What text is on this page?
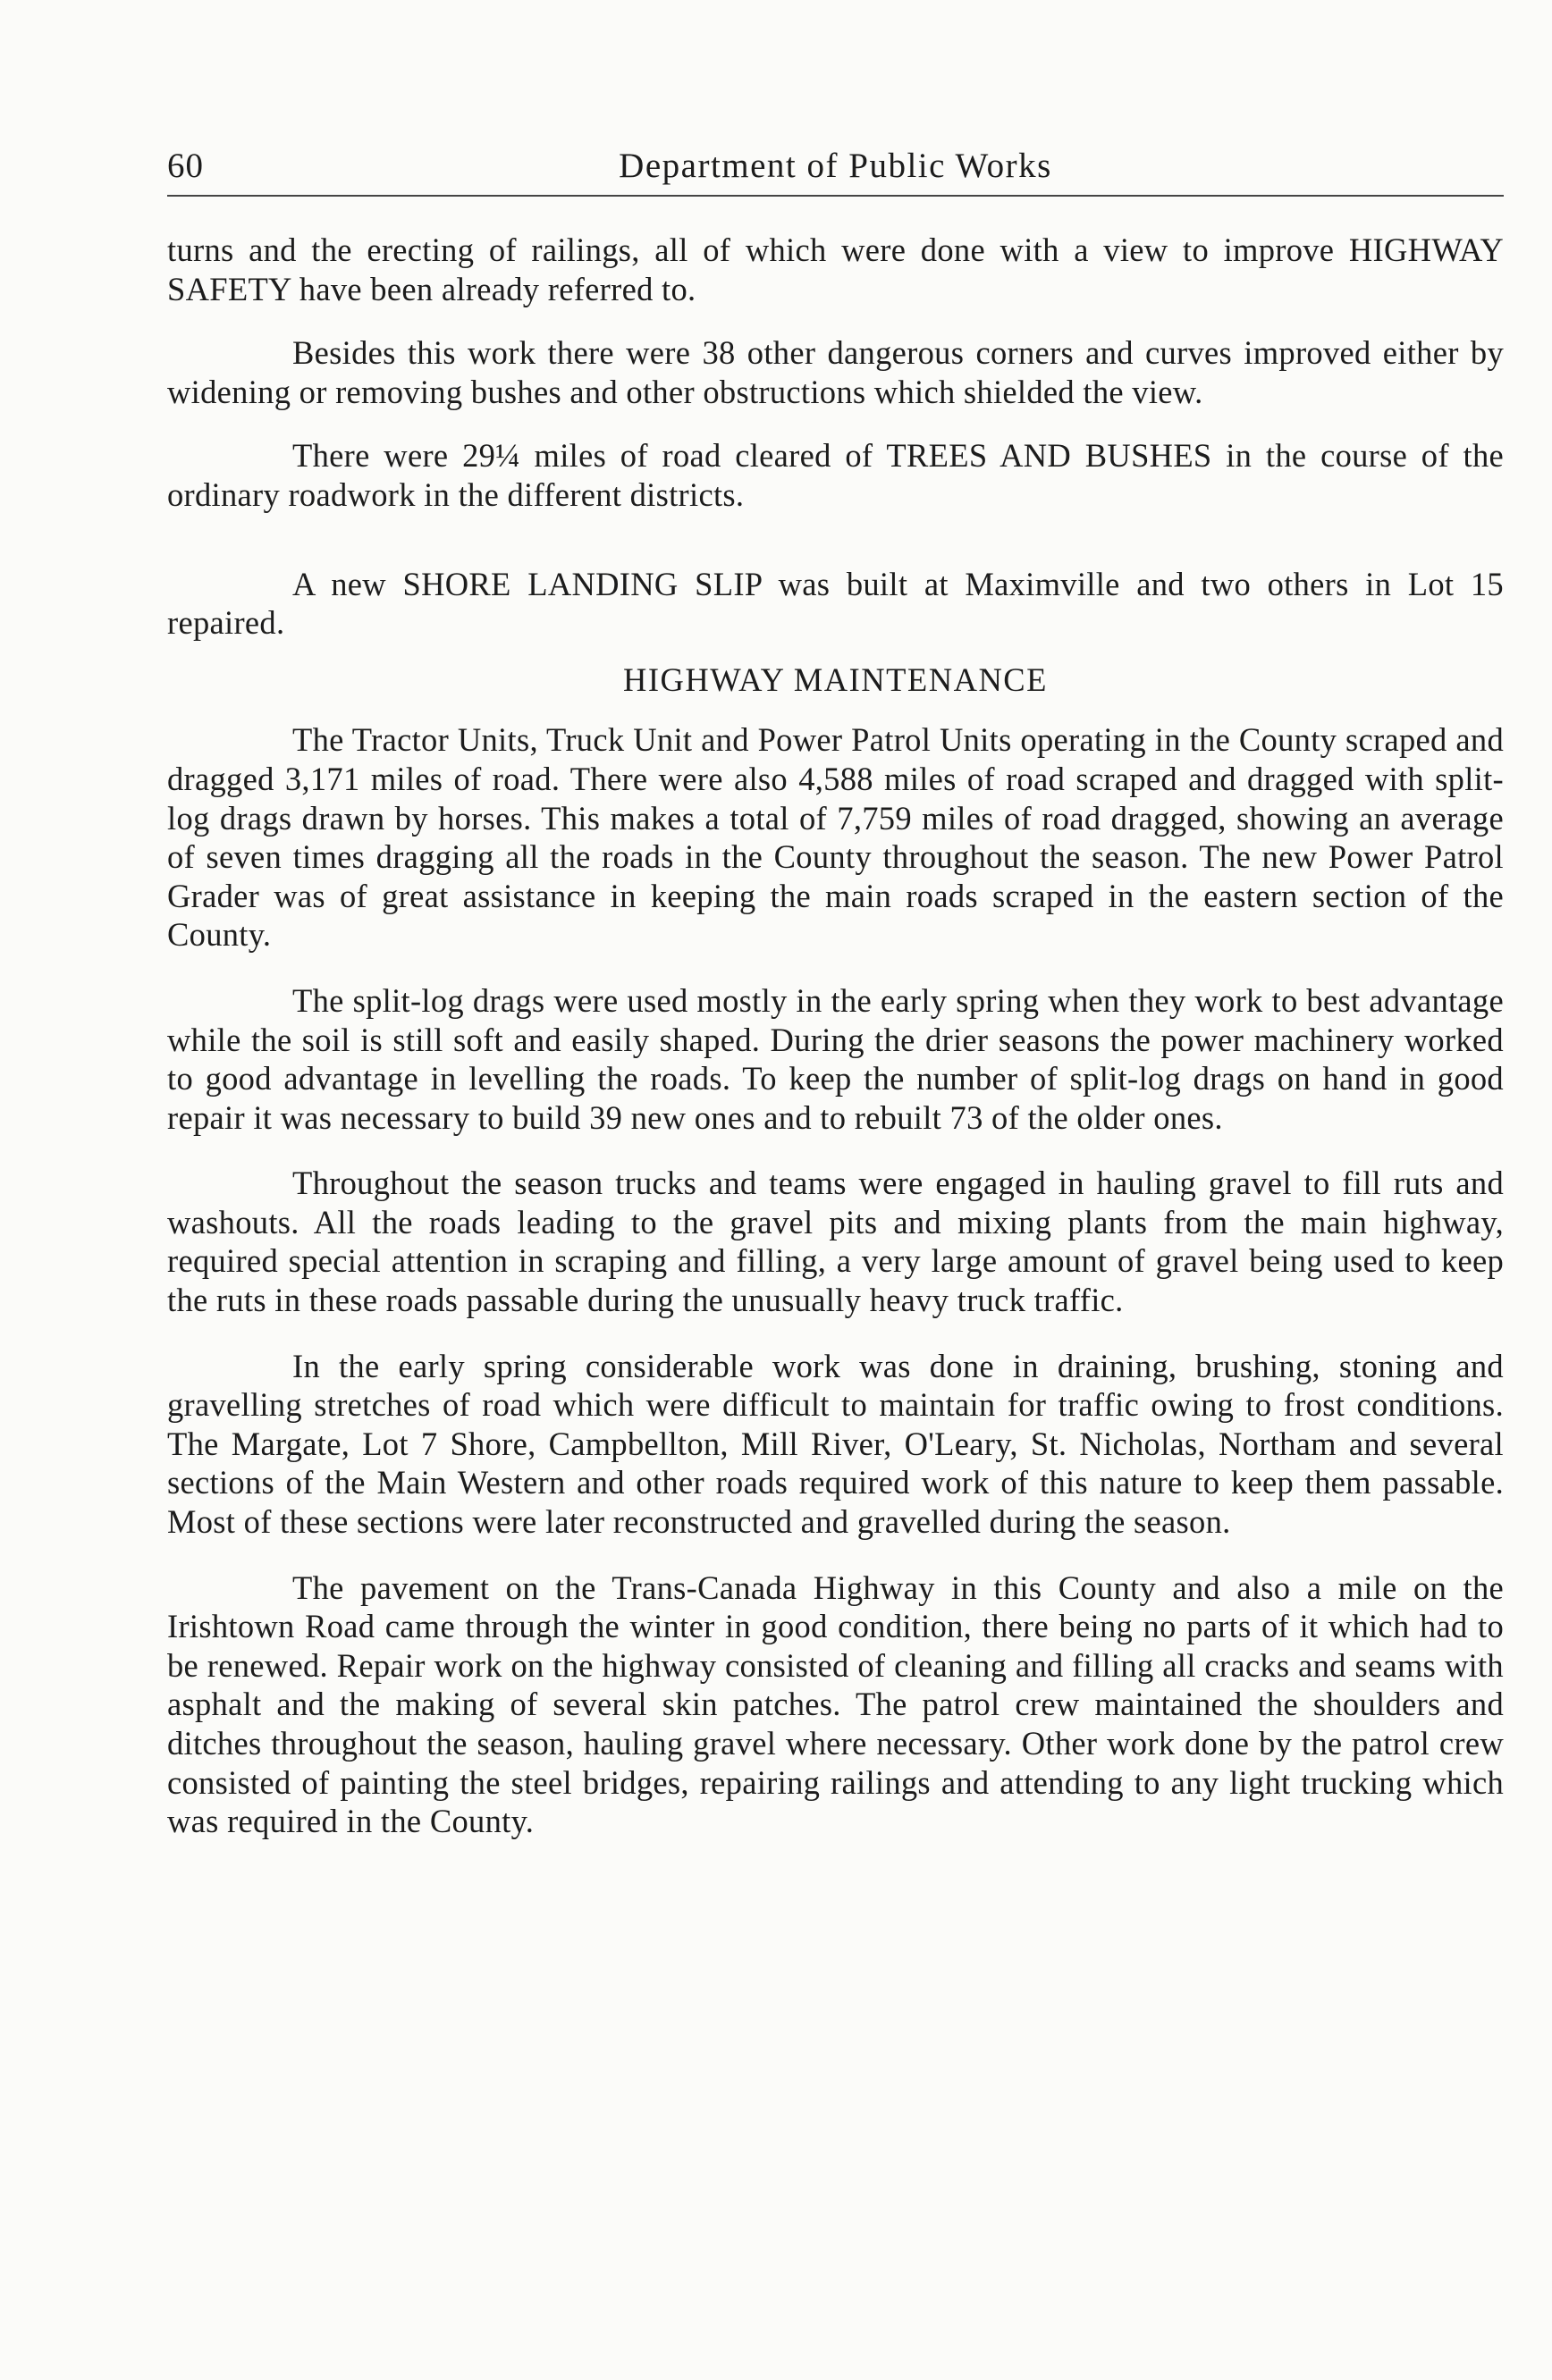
60	Department of Public Works

turns and the erecting of railings, all of which were done with a view to improve HIGHWAY SAFETY have been already referred to.

Besides this work there were 38 other dangerous corners and curves improved either by widening or removing bushes and other obstructions which shielded the view.

There were 29¼ miles of road cleared of TREES AND BUSHES in the course of the ordinary roadwork in the different districts.

A new SHORE LANDING SLIP was built at Maximville and two others in Lot 15 repaired.

HIGHWAY MAINTENANCE

The Tractor Units, Truck Unit and Power Patrol Units operating in the County scraped and dragged 3,171 miles of road. There were also 4,588 miles of road scraped and dragged with split-log drags drawn by horses. This makes a total of 7,759 miles of road dragged, showing an average of seven times dragging all the roads in the County throughout the season. The new Power Patrol Grader was of great assistance in keeping the main roads scraped in the eastern section of the County.

The split-log drags were used mostly in the early spring when they work to best advantage while the soil is still soft and easily shaped. During the drier seasons the power machinery worked to good advantage in levelling the roads. To keep the number of split-log drags on hand in good repair it was necessary to build 39 new ones and to rebuilt 73 of the older ones.

Throughout the season trucks and teams were engaged in hauling gravel to fill ruts and washouts. All the roads leading to the gravel pits and mixing plants from the main highway, required special attention in scraping and filling, a very large amount of gravel being used to keep the ruts in these roads passable during the unusually heavy truck traffic.

In the early spring considerable work was done in draining, brushing, stoning and gravelling stretches of road which were difficult to maintain for traffic owing to frost conditions. The Margate, Lot 7 Shore, Campbellton, Mill River, O'Leary, St. Nicholas, Northam and several sections of the Main Western and other roads required work of this nature to keep them passable. Most of these sections were later reconstructed and gravelled during the season.

The pavement on the Trans-Canada Highway in this County and also a mile on the Irishtown Road came through the winter in good condition, there being no parts of it which had to be renewed. Repair work on the highway consisted of cleaning and filling all cracks and seams with asphalt and the making of several skin patches. The patrol crew maintained the shoulders and ditches throughout the season, hauling gravel where necessary. Other work done by the patrol crew consisted of painting the steel bridges, repairing railings and attending to any light trucking which was required in the County.
